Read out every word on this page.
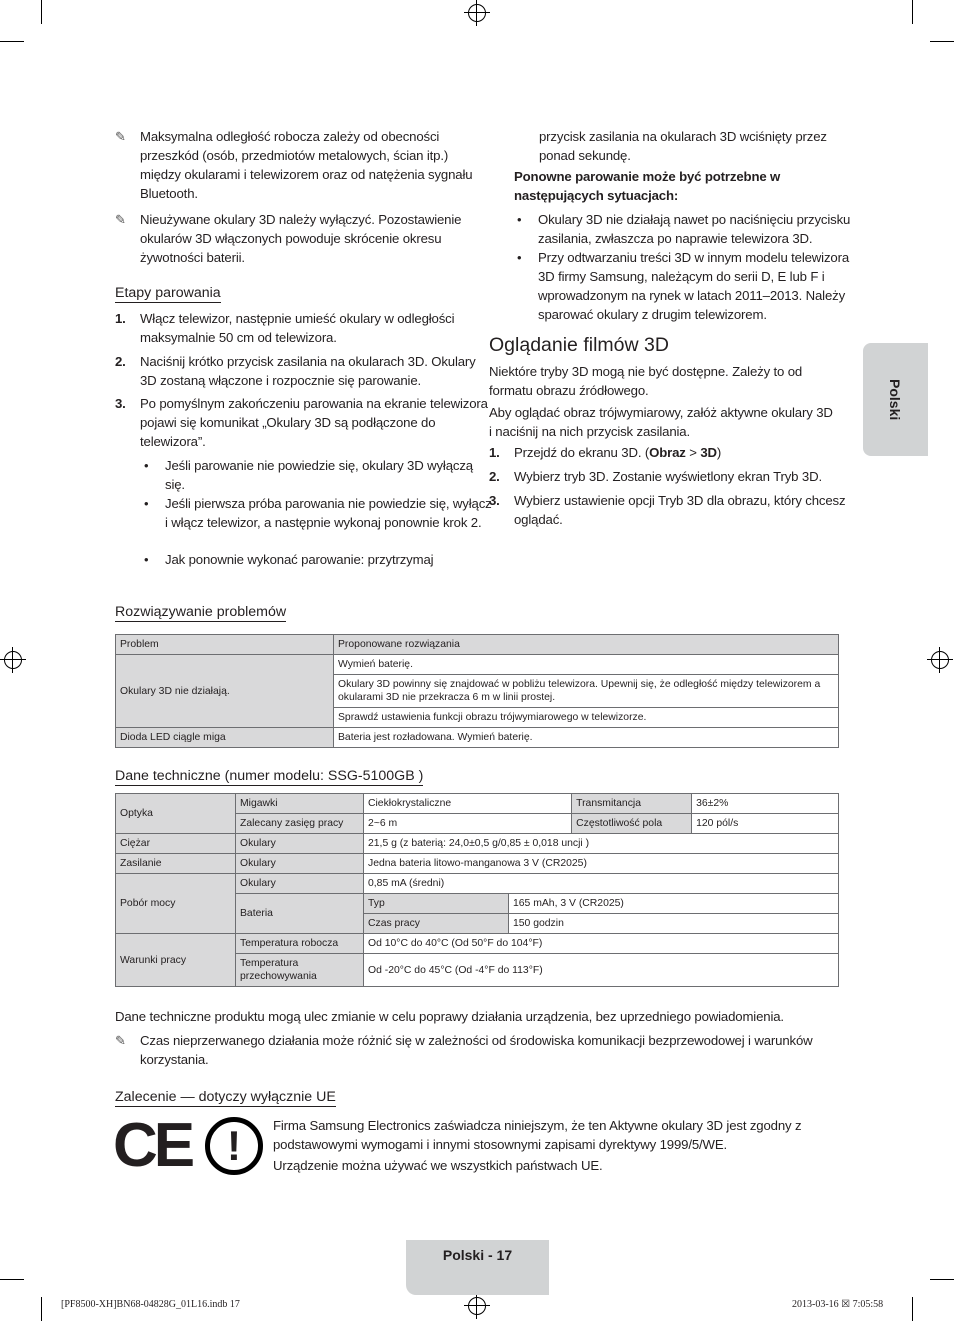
✎ Maksymalna odległość robocza zależy od obecności przeszkód (osób, przedmiotów metalowych, ścian itp.) między okularami i telewizorem oraz od natężenia sygnału Bluetooth.
✎ Nieużywane okulary 3D należy wyłączyć. Pozostawienie okularów 3D włączonych powoduje skrócenie okresu żywotności baterii.
Etapy parowania
1. Włącz telewizor, następnie umieść okulary w odległości maksymalnie 50 cm od telewizora.
2. Naciśnij krótko przycisk zasilania na okularach 3D. Okulary 3D zostaną włączone i rozpocznie się parowanie.
3. Po pomyślnym zakończeniu parowania na ekranie telewizora pojawi się komunikat „Okulary 3D są podłączone do telewizora”.
• Jeśli parowanie nie powiedzie się, okulary 3D wyłączą się.
• Jeśli pierwsza próba parowania nie powiedzie się, wyłącz i włącz telewizor, a następnie wykonaj ponownie krok 2.
• Jak ponownie wykonać parowanie: przytrzymaj
przycisk zasilania na okularach 3D wciśnięty przez ponad sekundę.
Ponowne parowanie może być potrzebne w następujących sytuacjach:
• Okulary 3D nie działają nawet po naciśnięciu przycisku zasilania, zwłaszcza po naprawie telewizora 3D.
• Przy odtwarzaniu treści 3D w innym modelu telewizora 3D firmy Samsung, należącym do serii D, E lub F i wprowadzonym na rynek w latach 2011–2013. Należy sparować okulary z drugim telewizorem.
Oglądanie filmów 3D
Niektóre tryby 3D mogą nie być dostępne. Zależy to od formatu obrazu źródłowego.
Aby oglądać obraz trójwymiarowy, załóż aktywne okulary 3D i naciśnij na nich przycisk zasilania.
1. Przejdź do ekranu 3D. (Obraz > 3D)
2. Wybierz tryb 3D. Zostanie wyświetlony ekran Tryb 3D.
3. Wybierz ustawienie opcji Tryb 3D dla obrazu, który chcesz oglądać.
Polski
Rozwiązywanie problemów
Problem	Proponowane rozwiązania
Okulary 3D nie działają.	Wymień baterię.
Okulary 3D powinny się znajdować w pobliżu telewizora. Upewnij się, że odległość między telewizorem a okularami 3D nie przekracza 6 m w linii prostej.
Sprawdź ustawienia funkcji obrazu trójwymiarowego w telewizorze.

Dioda LED ciągle miga	Bateria jest rozładowana. Wymień baterię.
Dane techniczne (numer modelu: SSG-5100GB )
Optyka	Migawki	Ciekłokrystaliczne		Transmitancja	36±2%
	Zalecany zasięg pracy	2~6 m		Częstotliwość pola	120 pól/s
Ciężar	Okulary	21,5 g (z baterią: 24,0±0,5 g/0,85 ± 0,018 uncji )			
Zasilanie	Okulary	Jedna bateria litowo-manganowa 3 V (CR2025)			
Pobór mocy	Okulary	0,85 mA (średni)			
	Bateria	Typ	165 mAh, 3 V (CR2025)		
		Czas pracy	150 godzin		
Warunki pracy	Temperatura robocza	Od 10°C do 40°C (Od 50°F do 104°F)			
	Temperatura przechowywania	Od -20°C do 45°C (Od -4°F do 113°F)			
Dane techniczne produktu mogą ulec zmianie w celu poprawy działania urządzenia, bez uprzedniego powiadomienia.
✎ Czas nieprzerwanego działania może różnić się w zależności od środowiska komunikacji bezprzewodowej i warunków korzystania.
Zalecenie — dotyczy wyłącznie UE
CE !	Firma Samsung Electronics zaświadcza niniejszym, że ten Aktywne okulary 3D jest zgodny z podstawowymi wymogami i innymi stosownymi zapisami dyrektywy 1999/5/WE.
Urządzenie można używać we wszystkich państwach UE.
Polski - 17
[PF8500-XH]BN68-04828G_01L16.indb 17	2013-03-16 ☒ 7:05:58
